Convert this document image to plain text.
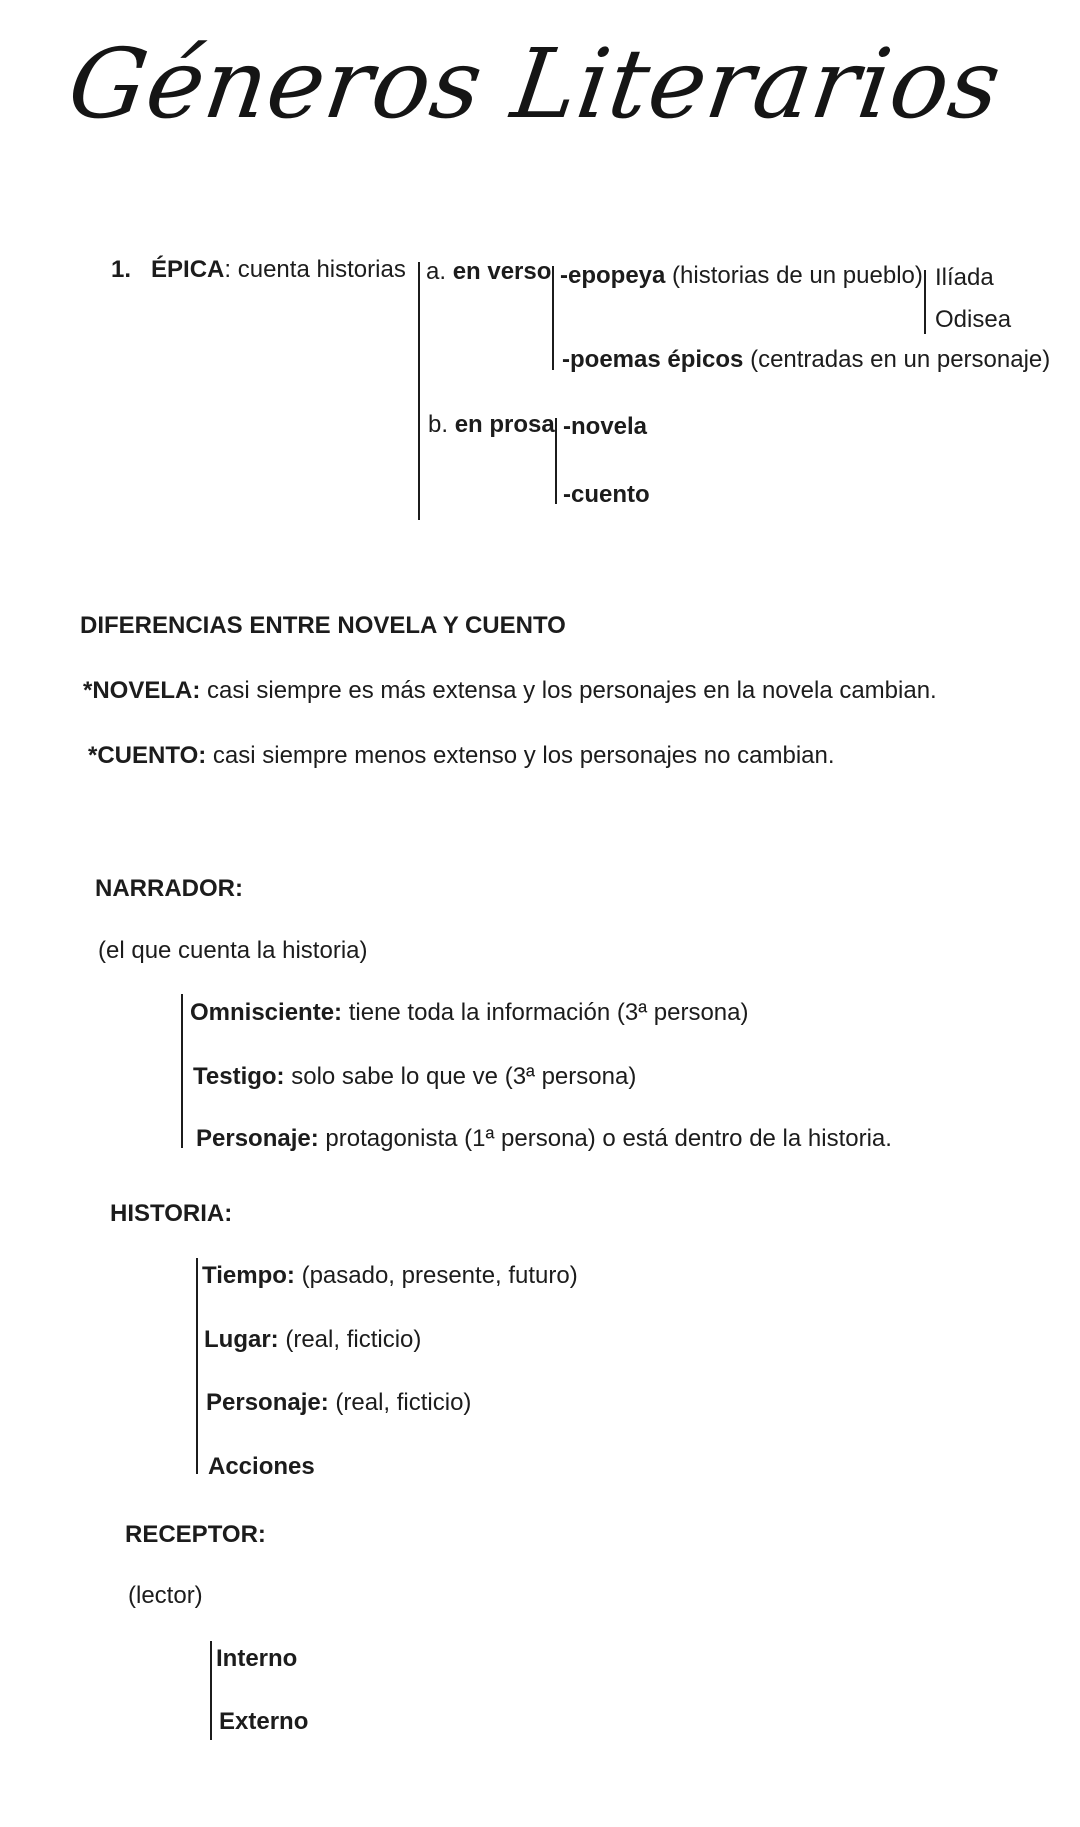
Géneros Literarios
1. ÉPICA: cuenta historias a. en verso -epopeya (historias de un pueblo) Ilíada
Odisea
-poemas épicos (centradas en un personaje)
b. en prosa -novela
-cuento
DIFERENCIAS ENTRE NOVELA Y CUENTO
*NOVELA: casi siempre es más extensa y los personajes en la novela cambian.
*CUENTO: casi siempre menos extenso y los personajes no cambian.
NARRADOR:
(el que cuenta la historia)
Omnisciente: tiene toda la información (3ª persona)
Testigo: solo sabe lo que ve (3ª persona)
Personaje: protagonista (1ª persona) o está dentro de la historia.
HISTORIA:
Tiempo: (pasado, presente, futuro)
Lugar: (real, ficticio)
Personaje: (real, ficticio)
Acciones
RECEPTOR:
(lector)
Interno
Externo
